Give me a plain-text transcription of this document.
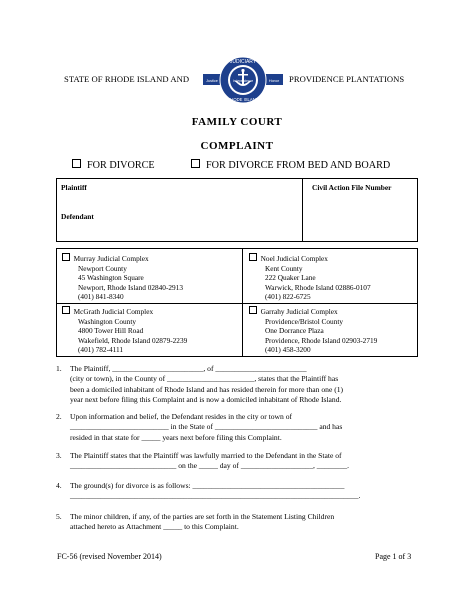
STATE OF RHODE ISLAND AND
JUDICIARY
RHODE ISLAND
Justice	Independence	Honor PROVIDENCE PLANTATIONS
FAMILY COURT
COMPLAINT
FOR DIVORCE	FOR DIVORCE FROM BED AND BOARD
Plaintiff
Defendant
Civil Action File Number
Murray Judicial Complex
Newport County
45 Washington Square
Newport, Rhode Island 02840-2913
(401) 841-8340
Noel Judicial Complex
Kent County
222 Quaker Lane
Warwick, Rhode Island 02886-0107
(401) 822-6725
McGrath Judicial Complex
Washington County
4800 Tower Hill Road
Wakefield, Rhode Island 02879-2239
(401) 782-4111
Garrahy Judicial Complex
Providence/Bristol County
One Dorrance Plaza
Providence, Rhode Island 02903-2719
(401) 458-3200
1. The Plaintiff, ________________________, of ________________________
(city or town), in the County of _______________________, states that the Plaintiff has
been a domiciled inhabitant of Rhode Island and has resided therein for more than one (1)
year next before filing this Complaint and is now a domiciled inhabitant of Rhode Island.
2. Upon information and belief, the Defendant resides in the city or town of
__________________________ in the State of ___________________________ and has
resided in that state for _____ years next before filing this Complaint.
3. The Plaintiff states that the Plaintiff was lawfully married to the Defendant in the State of
____________________________ on the _____ day of ___________________, ________.
4. The ground(s) for divorce is as follows: ________________________________________
____________________________________________________________________________.
5. The minor children, if any, of the parties are set forth in the Statement Listing Children
attached hereto as Attachment _____ to this Complaint.
FC-56 (revised November 2014)	Page 1 of 3
